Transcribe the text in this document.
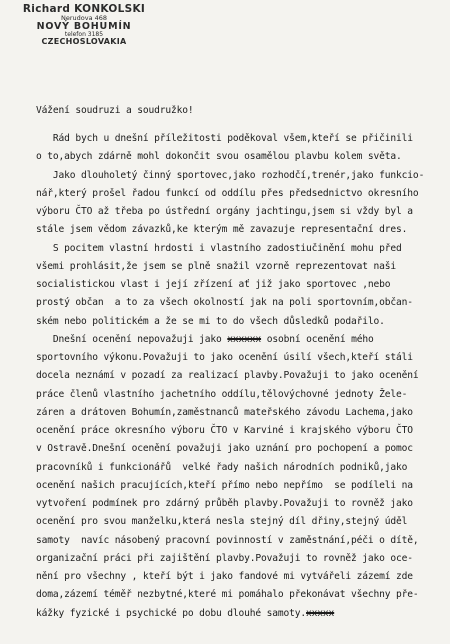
Richard KONKOLSKI
Nerudova 468
NOVÝ BOHUMÍN
telefon 3185
CZECHOSLOVAKIA
Vážení soudruzi a soudružko!
Rád bych u dnešní příležitosti poděkoval všem,kteří se přičinili
o to,abych zdárně mohl dokončit svou osamělou plavbu kolem světa.
Jako dlouholetý činný sportovec,jako rozhodčí,trenér,jako funkcio-
nář,který prošel řadou funkcí od oddílu přes předsednictvo okresního
výboru ČTO až třeba po ústřední orgány jachtingu,jsem si vždy byl a
stále jsem vědom závazků,ke kterým mě zavazuje representační dres.
S pocitem vlastní hrdosti i vlastního zadostiučinění mohu před
všemi prohlásit,že jsem se plně snažil vzorně reprezentovat naši
socialistickou vlast i její zřízení ať již jako sportovec ,nebo
prostý občan  a to za všech okolností jak na poli sportovním,občan-
ském nebo politickém a že se mi to do všech důsledků podařilo.
Dnešní ocenění nepovažuji jako xxxxxx osobní ocenění mého
sportovního výkonu.Považuji to jako ocenění úsilí všech,kteří stáli
docela neznámí v pozadí za realizací plavby.Považuji to jako ocenění
práce členů vlastního jachetního oddílu,tělovýchovné jednoty Žele-
záren a drátoven Bohumín,zaměstnanců mateřského závodu Lachema,jako
ocenění práce okresního výboru ČTO v Karviné i krajského výboru ČTO
v Ostravě.Dnešní ocenění považuji jako uznání pro pochopení a pomoc
pracovníků i funkcionářů  velké řady našich národních podniků,jako
ocenění našich pracujících,kteří přímo nebo nepřímo  se podíleli na
vytvoření podmínek pro zdárný průběh plavby.Považuji to rovněž jako
ocenění pro svou manželku,která nesla stejný díl dřiny,stejný úděl
samoty  navíc násobený pracovní povinností v zaměstnání,péči o dítě,
organizační práci při zajištění plavby.Považuji to rovněž jako oce-
nění pro všechny , kteří být i jako fandové mi vytvářeli zázemí zde
doma,zázemí téměř nezbytné,které mi pomáhalo překonávat všechny pře-
kážky fyzické i psychické po dobu dlouhé samoty.xxxxx
